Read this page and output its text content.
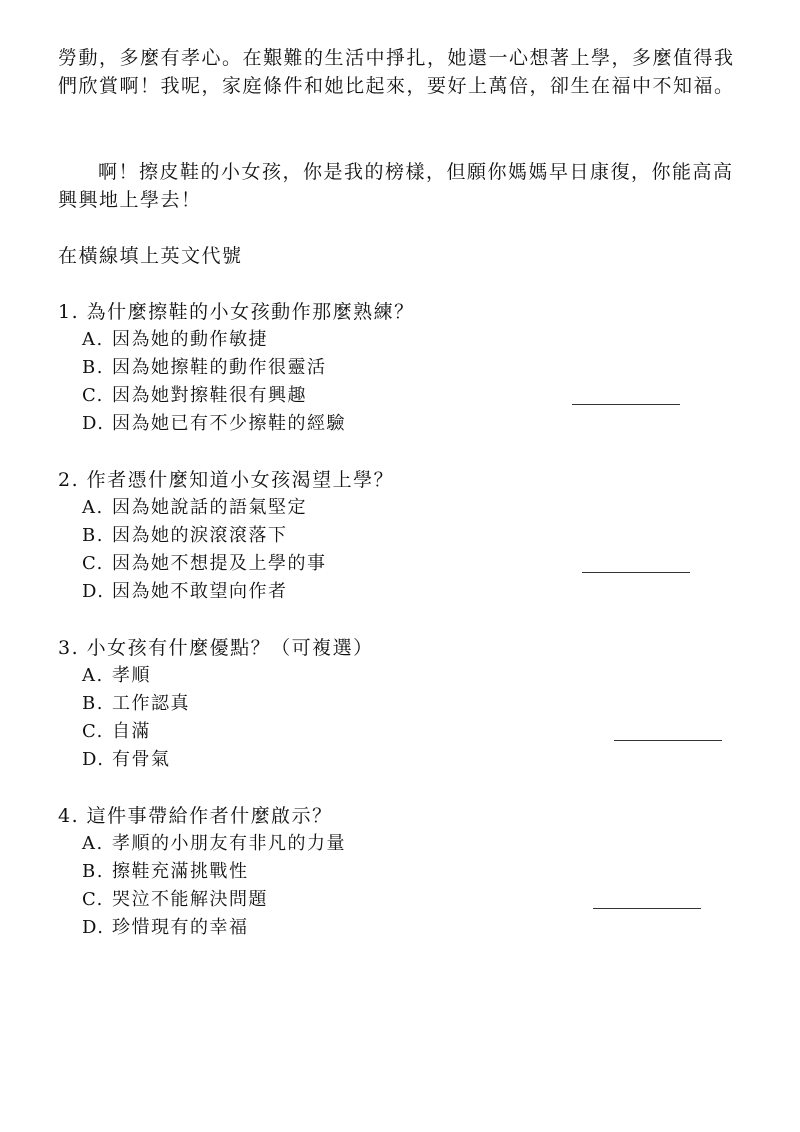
勞動，多麼有孝心。在艱難的生活中掙扎，她還一心想著上學，多麼值得我們欣賞啊！我呢，家庭條件和她比起來，要好上萬倍，卻生在福中不知福。
啊！擦皮鞋的小女孩，你是我的榜樣，但願你媽媽早日康復，你能高高興興地上學去！
在橫線填上英文代號
1. 為什麼擦鞋的小女孩動作那麼熟練？
A. 因為她的動作敏捷
B. 因為她擦鞋的動作很靈活
C. 因為她對擦鞋很有興趣
D. 因為她已有不少擦鞋的經驗
2. 作者憑什麼知道小女孩渴望上學？
A. 因為她說話的語氣堅定
B. 因為她的淚滾滾落下
C. 因為她不想提及上學的事
D. 因為她不敢望向作者
3. 小女孩有什麼優點？（可複選）
A. 孝順
B. 工作認真
C. 自滿
D. 有骨氣
4. 這件事帶給作者什麼啟示？
A. 孝順的小朋友有非凡的力量
B. 擦鞋充滿挑戰性
C. 哭泣不能解決問題
D. 珍惜現有的幸福
